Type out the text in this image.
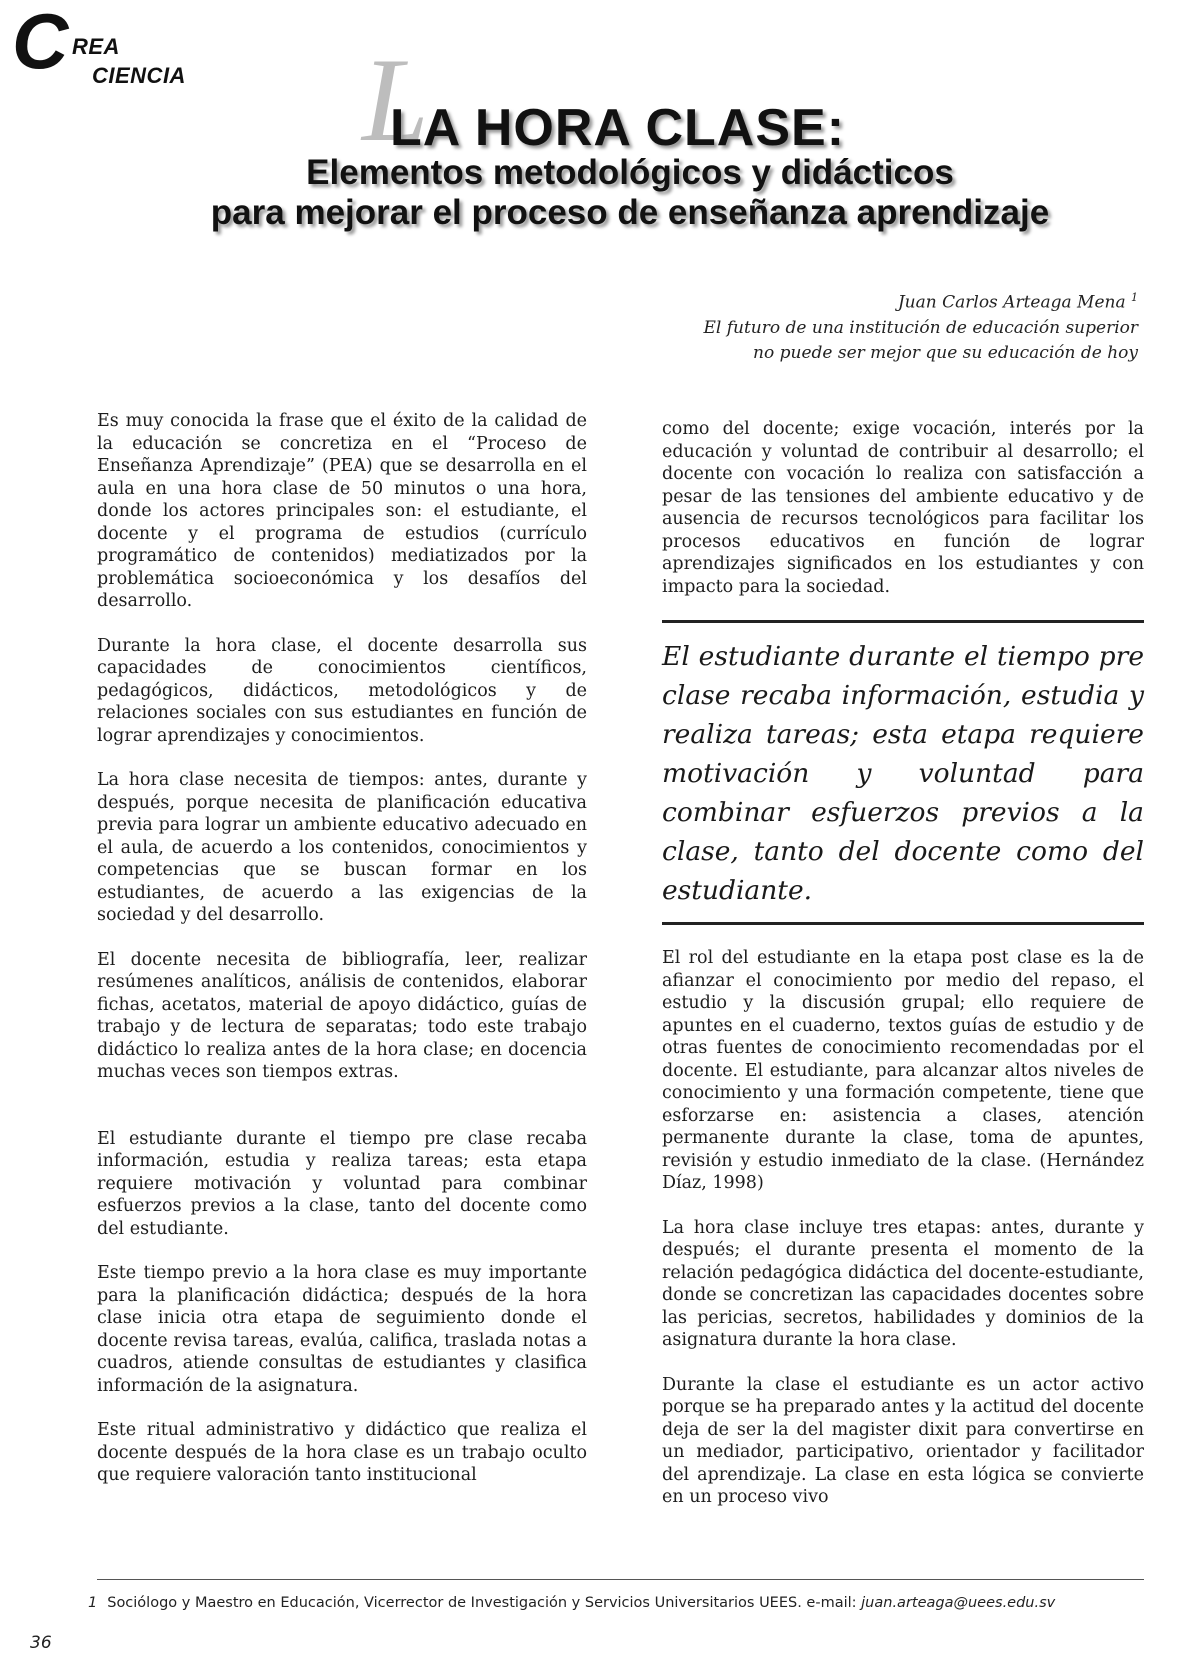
C REA
CIENCIA L
LA HORA CLASE:
Elementos metodológicos y didácticos
para mejorar el proceso de enseñanza aprendizaje
Juan Carlos Arteaga Mena $^1$
El futuro de una institución de educación superior
no puede ser mejor que su educación de hoy

Es muy conocida la frase que el éxito de la calidad de la educación se concretiza en el “Proceso de Enseñanza Aprendizaje” (PEA) que se desarrolla en el aula en una hora clase de 50 minutos o una hora, donde los actores principales son: el estudiante, el docente y el programa de estudios (currículo programático de contenidos) mediatizados por la problemática socioeconómica y los desafíos del desarrollo.

Durante la hora clase, el docente desarrolla sus capacidades de conocimientos científicos, pedagógicos, didácticos, metodológicos y de relaciones sociales con sus estudiantes en función de lograr aprendizajes y conocimientos.

La hora clase necesita de tiempos: antes, durante y después, porque necesita de planificación educativa previa para lograr un ambiente educativo adecuado en el aula, de acuerdo a los contenidos, conocimientos y competencias que se buscan formar en los estudiantes, de acuerdo a las exigencias de la sociedad y del desarrollo.

El docente necesita de bibliografía, leer, realizar resúmenes analíticos, análisis de contenidos, elaborar fichas, acetatos, material de apoyo didáctico, guías de trabajo y de lectura de separatas; todo este trabajo didáctico lo realiza antes de la hora clase; en docencia muchas veces son tiempos extras.

El estudiante durante el tiempo pre clase recaba información, estudia y realiza tareas; esta etapa requiere motivación y voluntad para combinar esfuerzos previos a la clase, tanto del docente como del estudiante.

Este tiempo previo a la hora clase es muy importante para la planificación didáctica; después de la hora clase inicia otra etapa de seguimiento donde el docente revisa tareas, evalúa, califica, traslada notas a cuadros, atiende consultas de estudiantes y clasifica información de la asignatura.

Este ritual administrativo y didáctico que realiza el docente después de la hora clase es un trabajo oculto que requiere valoración tanto institucional

como del docente; exige vocación, interés por la educación y voluntad de contribuir al desarrollo; el docente con vocación lo realiza con satisfacción a pesar de las tensiones del ambiente educativo y de ausencia de recursos tecnológicos para facilitar los procesos educativos en función de lograr aprendizajes significados en los estudiantes y con impacto para la sociedad.

El estudiante durante el tiempo pre clase recaba información, estudia y realiza tareas; esta etapa requiere motivación y voluntad para combinar esfuerzos previos a la clase, tanto del docente como del estudiante.

El rol del estudiante en la etapa post clase es la de afianzar el conocimiento por medio del repaso, el estudio y la discusión grupal; ello requiere de apuntes en el cuaderno, textos guías de estudio y de otras fuentes de conocimiento recomendadas por el docente. El estudiante, para alcanzar altos niveles de conocimiento y una formación competente, tiene que esforzarse en: asistencia a clases, atención permanente durante la clase, toma de apuntes, revisión y estudio inmediato de la clase. (Hernández Díaz, 1998)

La hora clase incluye tres etapas: antes, durante y después; el durante presenta el momento de la relación pedagógica didáctica del docente-estudiante, donde se concretizan las capacidades docentes sobre las pericias, secretos, habilidades y dominios de la asignatura durante la hora clase.

Durante la clase el estudiante es un actor activo porque se ha preparado antes y la actitud del docente deja de ser la del magister dixit para convertirse en un mediador, participativo, orientador y facilitador del aprendizaje. La clase en esta lógica se convierte en un proceso vivo

1 Sociólogo y Maestro en Educación, Vicerrector de Investigación y Servicios Universitarios UEES. e-mail: juan.arteaga@uees.edu.sv
36
